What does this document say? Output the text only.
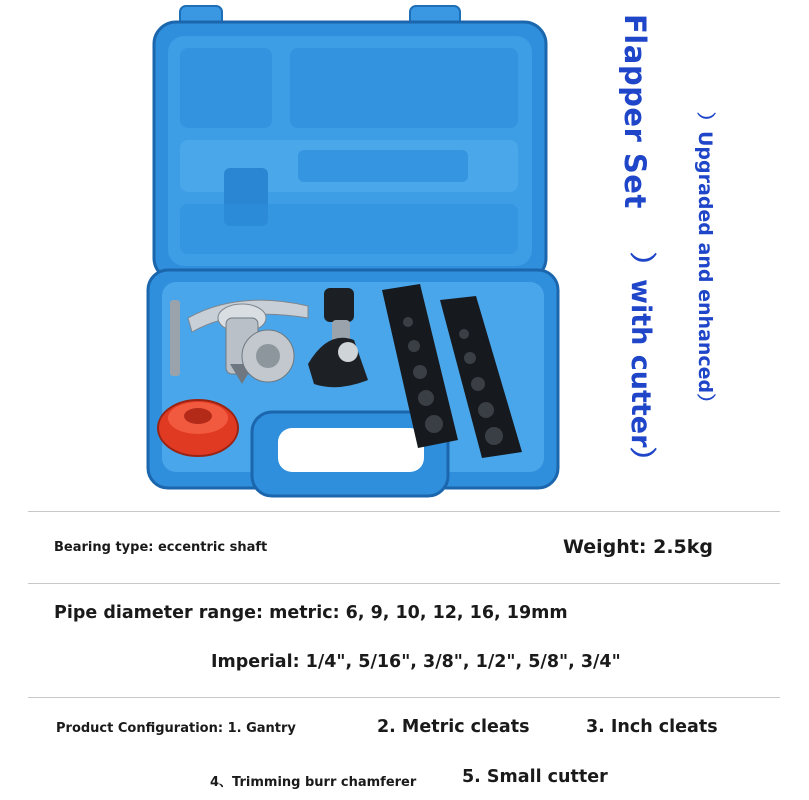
Flapper Set
︶with cutter︶ ︶Upgraded and enhanced︶
Bearing type: eccentric shaft	Weight: 2.5kg
Pipe diameter range: metric: 6, 9, 10, 12, 16, 19mm
Imperial: 1/4", 5/16", 3/8", 1/2", 5/8", 3/4"
Product Configuration: 1. Gantry	2. Metric cleats	3. Inch cleats
4、Trimming burr chamferer	5. Small cutter
